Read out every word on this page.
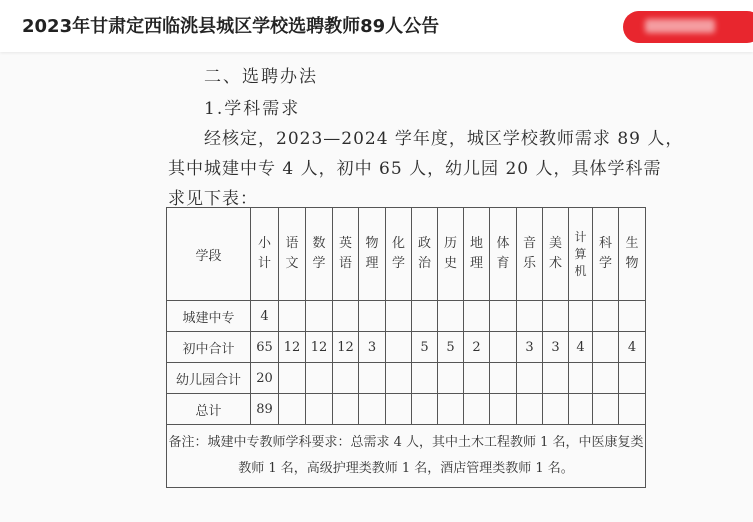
2023年甘肃定西临洮县城区学校选聘教师89人公告
二、选聘办法
1.学科需求
经核定，2023—2024 学年度，城区学校教师需求 89 人，
其中城建中专 4 人，初中 65 人，幼儿园 20 人，具体学科需
求见下表：
学段	小计	语文	数学	英语	物理	化学	政治	历史	地理	体育	音乐	美术	计算机	科学	生物
城建中专	4														
初中合计	65	12	12	12	3		5	5	2		3	3	4		4
幼儿园合计	20														
总计	89														
备注：城建中专教师学科要求：总需求 4 人，其中土木工程教师 1 名，中医康复类教师 1 名，高级护理类教师 1 名，酒店管理类教师 1 名。															
